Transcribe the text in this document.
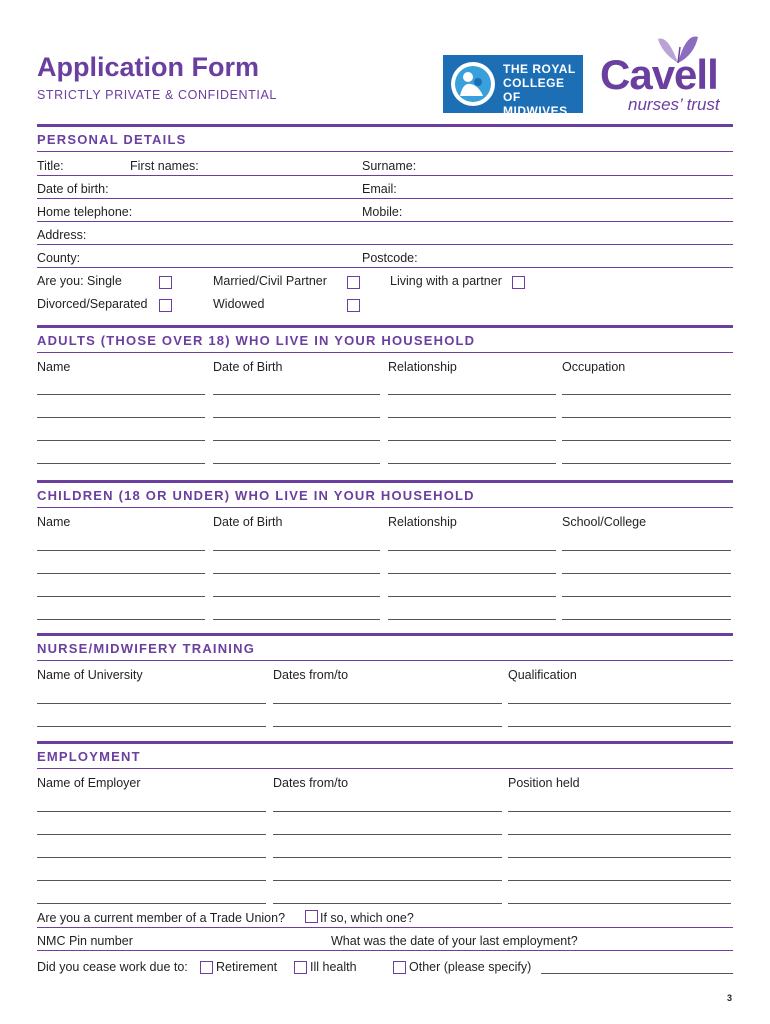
Application Form
STRICTLY PRIVATE & CONFIDENTIAL
THE ROYAL
COLLEGE OF
MIDWIVES
Cavell
nurses’ trust
PERSONAL DETAILS
Title:	First names:	Surname:
Date of birth:	Email:
Home telephone:	Mobile:
Address:
County:	Postcode:
Are you: Single	Married/Civil Partner	Living with a partner
Divorced/Separated	Widowed
ADULTS (THOSE OVER 18) WHO LIVE IN YOUR HOUSEHOLD
Name	Date of Birth	Relationship	Occupation
CHILDREN (18 OR UNDER) WHO LIVE IN YOUR HOUSEHOLD
Name	Date of Birth	Relationship	School/College
NURSE/MIDWIFERY TRAINING
Name of University	Dates from/to	Qualification
EMPLOYMENT
Name of Employer	Dates from/to	Position held
Are you a current member of a Trade Union?	If so, which one?
NMC Pin number	What was the date of your last employment?
Did you cease work due to: Retirement	Ill health	Other (please specify)
3
